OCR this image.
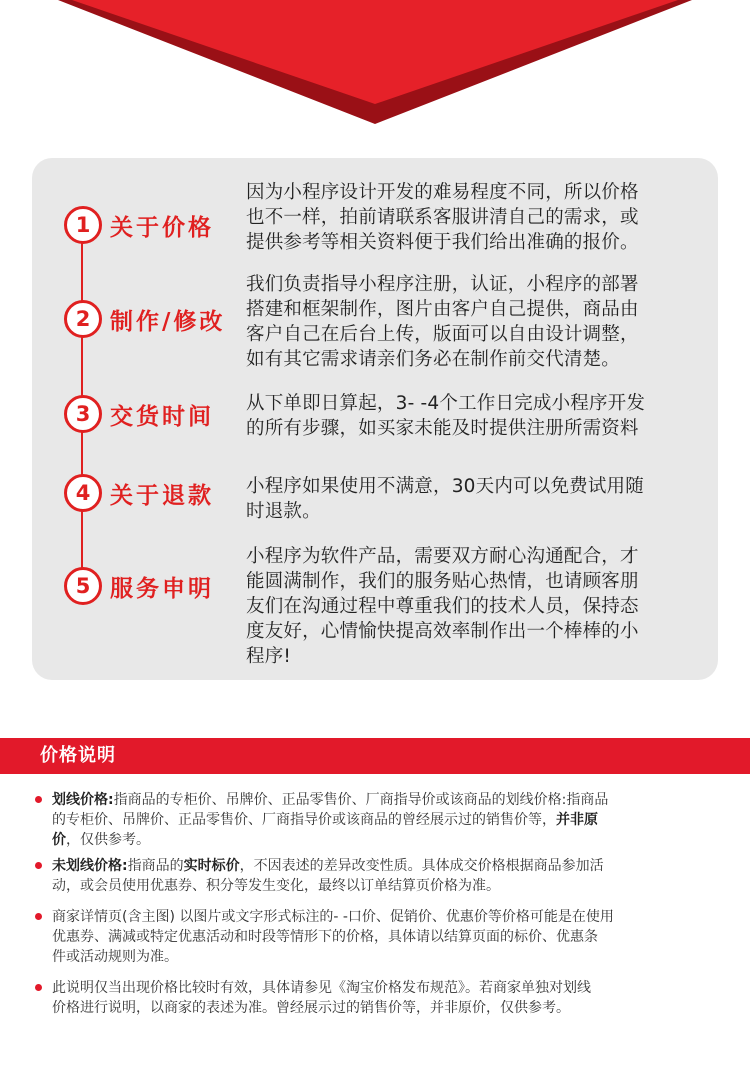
1 关于价格
因为小程序设计开发的难易程度不同，所以价格
也不一样，拍前请联系客服讲清自己的需求，或
提供参考等相关资料便于我们给出准确的报价。
2 制作/修改
我们负责指导小程序注册，认证，小程序的部署
搭建和框架制作，图片由客户自己提供，商品由
客户自己在后台上传，版面可以自由设计调整，
如有其它需求请亲们务必在制作前交代清楚。
3 交货时间 从下单即日算起，3- -4个工作日完成小程序开发
的所有步骤，如买家未能及时提供注册所需资料
4 关于退款 小程序如果使用不满意，30天内可以免费试用随
时退款。
5 服务申明
小程序为软件产品，需要双方耐心沟通配合，才
能圆满制作，我们的服务贴心热情，也请顾客朋
友们在沟通过程中尊重我们的技术人员，保持态
度友好，心情愉快提高效率制作出一个棒棒的小
程序!
价格说明
划线价格:指商品的专柜价、吊牌价、正品零售价、厂商指导价或该商品的划线价格:指商品
的专柜价、吊牌价、正品零售价、厂商指导价或该商品的曾经展示过的销售价等，并非原
价，仅供参考。
未划线价格:指商品的实时标价，不因表述的差异改变性质。具体成交价格根据商品参加活
动，或会员使用优惠券、积分等发生变化，最终以订单结算页价格为准。
商家详情页(含主图) 以图片或文字形式标注的- -口价、促销价、优惠价等价格可能是在使用
优惠券、满减或特定优惠活动和时段等情形下的价格，具体请以结算页面的标价、优惠条
件或活动规则为准。
此说明仅当出现价格比较时有效，具体请参见《淘宝价格发布规范》。若商家单独对划线
价格进行说明，以商家的表述为准。曾经展示过的销售价等，并非原价，仅供参考。
